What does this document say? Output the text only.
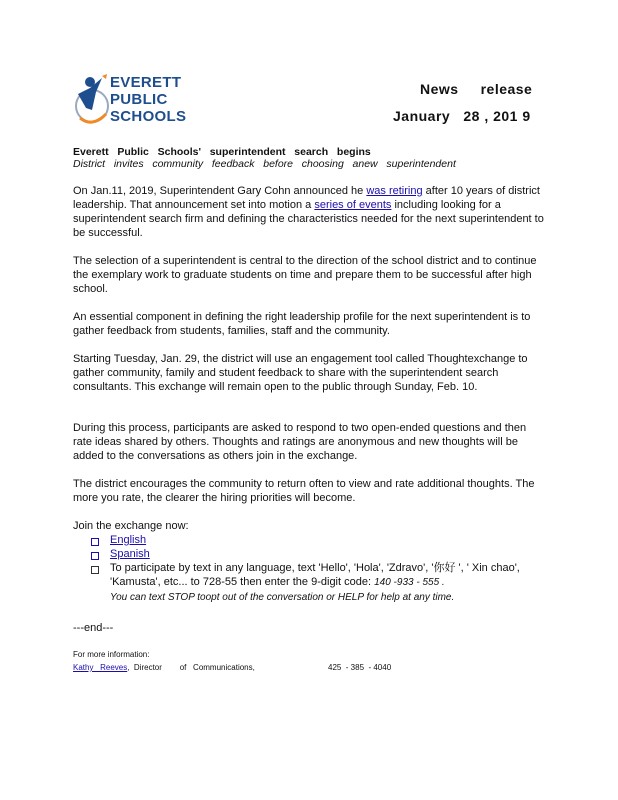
EVERETT
PUBLIC
SCHOOLS
News release
January   28 , 201 9
Everett   Public   Schools'   superintendent   search   begins
District   invites   community   feedback   before   choosing   anew   superintendent

On Jan.11, 2019, Superintendent Gary Cohn announced he was retiring after 10 years of district leadership. That announcement set into motion a series of events including looking for a superintendent search firm and defining the characteristics needed for the next superintendent to be successful.

The selection of a superintendent is central to the direction of the school district and to continue the exemplary work to graduate students on time and prepare them to be successful after high school.

An essential component in defining the right leadership profile for the next superintendent is to gather feedback from students, families, staff and the community.

Starting Tuesday, Jan. 29, the district will use an engagement tool called Thoughtexchange to gather community, family and student feedback to share with the superintendent search consultants. This exchange will remain open to the public through Sunday, Feb. 10.

During this process, participants are asked to respond to two open-ended questions and then rate ideas shared by others. Thoughts and ratings are anonymous and new thoughts will be added to the conversations as others join in the exchange.

The district encourages the community to return often to view and rate additional thoughts. The more you rate, the clearer the hiring priorities will become.

Join the exchange now:
English
Spanish
To participate by text in any language, text 'Hello', 'Hola', 'Zdravo', '你好 ', ' Xin chao', 'Kamusta', etc... to 728-55 then enter the 9-digit code: 140 -933 - 555 .
You can text STOP toopt out of the conversation or HELP for help at any time.
---end---
For more information:
Kathy   Reeves,  Director        of   Communications,	425  - 385  - 4040
